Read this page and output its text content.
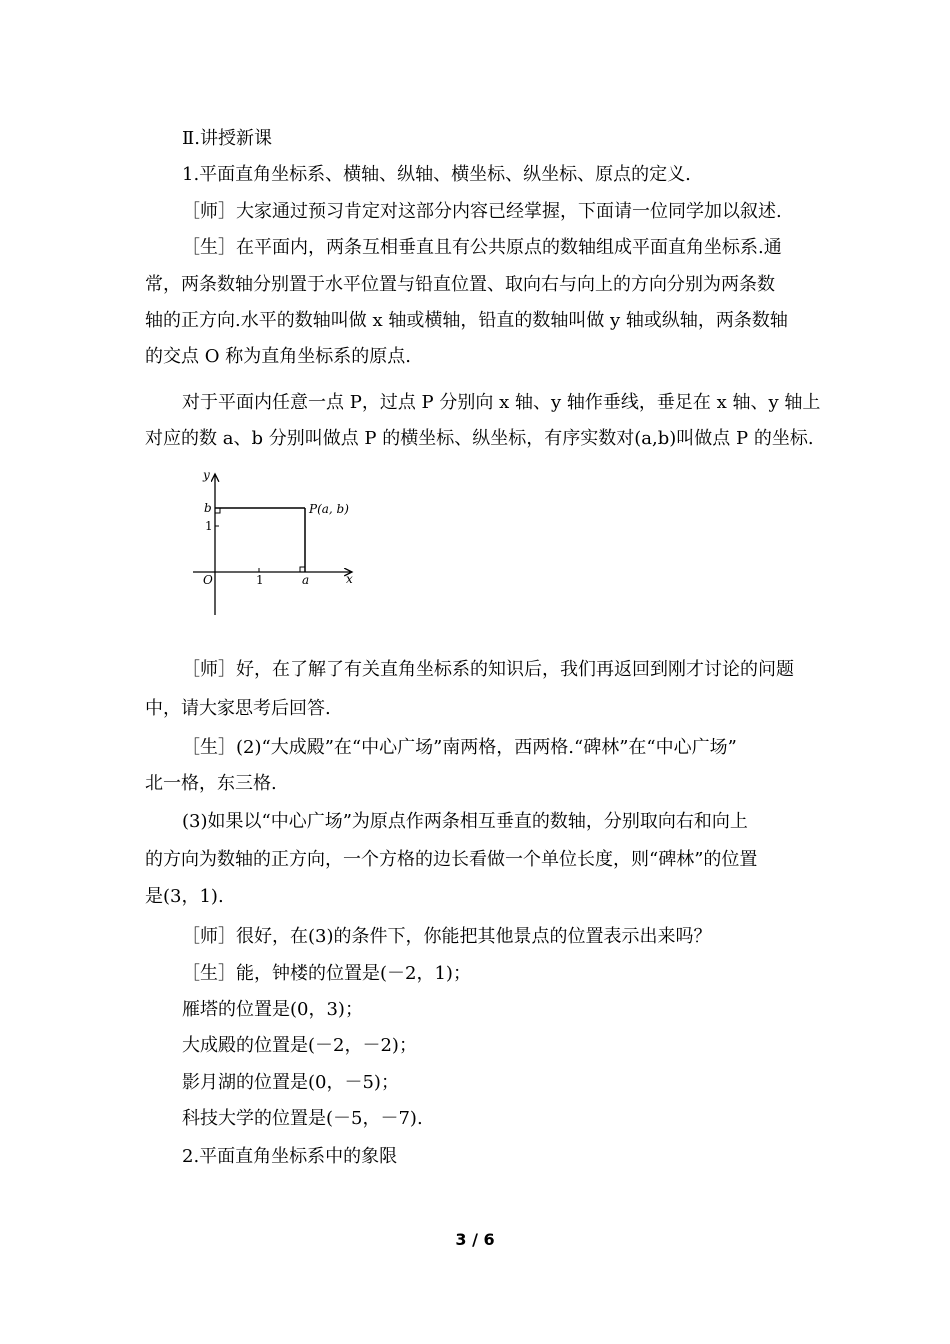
Ⅱ.讲授新课
1.平面直角坐标系、横轴、纵轴、横坐标、纵坐标、原点的定义.
［师］大家通过预习肯定对这部分内容已经掌握，下面请一位同学加以叙述.
［生］在平面内，两条互相垂直且有公共原点的数轴组成平面直角坐标系.通
常，两条数轴分别置于水平位置与铅直位置、取向右与向上的方向分别为两条数
轴的正方向.水平的数轴叫做 x 轴或横轴，铅直的数轴叫做 y 轴或纵轴，两条数轴
的交点 O 称为直角坐标系的原点.
对于平面内任意一点 P，过点 P 分别向 x 轴、y 轴作垂线，垂足在 x 轴、y 轴上
对应的数 a、b 分别叫做点 P 的横坐标、纵坐标，有序实数对(a,b)叫做点 P 的坐标.
y
b
1
O	1	a	x
P(a, b)
［师］好，在了解了有关直角坐标系的知识后，我们再返回到刚才讨论的问题
中，请大家思考后回答.
［生］(2)“大成殿”在“中心广场”南两格，西两格.“碑林”在“中心广场”
北一格，东三格.
(3)如果以“中心广场”为原点作两条相互垂直的数轴，分别取向右和向上
的方向为数轴的正方向，一个方格的边长看做一个单位长度，则“碑林”的位置
是(3，1).
［师］很好，在(3)的条件下，你能把其他景点的位置表示出来吗？
［生］能，钟楼的位置是(－2，1)；
雁塔的位置是(0，3)；
大成殿的位置是(－2，－2)；
影月湖的位置是(0，－5)；
科技大学的位置是(－5，－7).
2.平面直角坐标系中的象限
3 / 6
